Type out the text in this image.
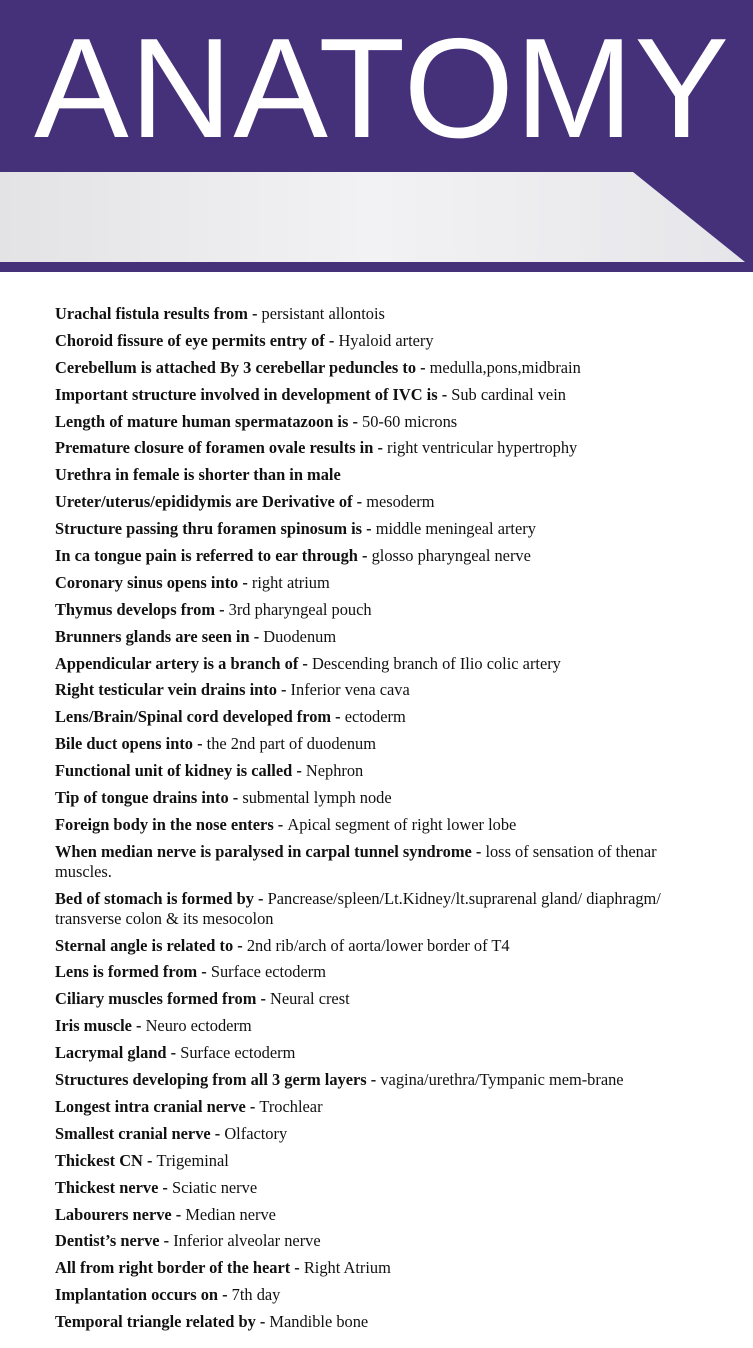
ANATOMY
Urachal fistula results from - persistant allontois
Choroid fissure of eye permits entry of - Hyaloid artery
Cerebellum is attached By 3 cerebellar peduncles to - medulla,pons,midbrain
Important structure involved in development of IVC is - Sub cardinal vein
Length of mature human spermatazoon is - 50-60 microns
Premature closure of foramen ovale results in - right ventricular hypertrophy
Urethra in female is shorter than in male
Ureter/uterus/epididymis are Derivative of - mesoderm
Structure passing thru foramen spinosum is - middle meningeal artery
In ca tongue pain is referred to ear through - glosso pharyngeal nerve
Coronary sinus opens into - right atrium
Thymus develops from - 3rd pharyngeal pouch
Brunners glands are seen in - Duodenum
Appendicular artery is a branch of - Descending branch of Ilio colic artery
Right testicular vein drains into - Inferior vena cava
Lens/Brain/Spinal cord developed from - ectoderm
Bile duct opens into - the 2nd part of duodenum
Functional unit of kidney is called - Nephron
Tip of tongue drains into - submental lymph node
Foreign body in the nose enters - Apical segment of right lower lobe
When median nerve is paralysed in carpal tunnel syndrome - loss of sensation of thenar muscles.
Bed of stomach is formed by - Pancrease/spleen/Lt.Kidney/lt.suprarenal gland/ diaphragm/ transverse colon & its mesocolon
Sternal angle is related to - 2nd rib/arch of aorta/lower border of T4
Lens is formed from - Surface ectoderm
Ciliary muscles formed from - Neural crest
Iris muscle - Neuro ectoderm
Lacrymal gland - Surface ectoderm
Structures developing from all 3 germ layers - vagina/urethra/Tympanic mem-brane
Longest intra cranial nerve - Trochlear
Smallest cranial nerve - Olfactory
Thickest CN - Trigeminal
Thickest nerve - Sciatic nerve
Labourers nerve - Median nerve
Dentist’s nerve - Inferior alveolar nerve
All from right border of the heart - Right Atrium
Implantation occurs on - 7th day
Temporal triangle related by - Mandible bone
